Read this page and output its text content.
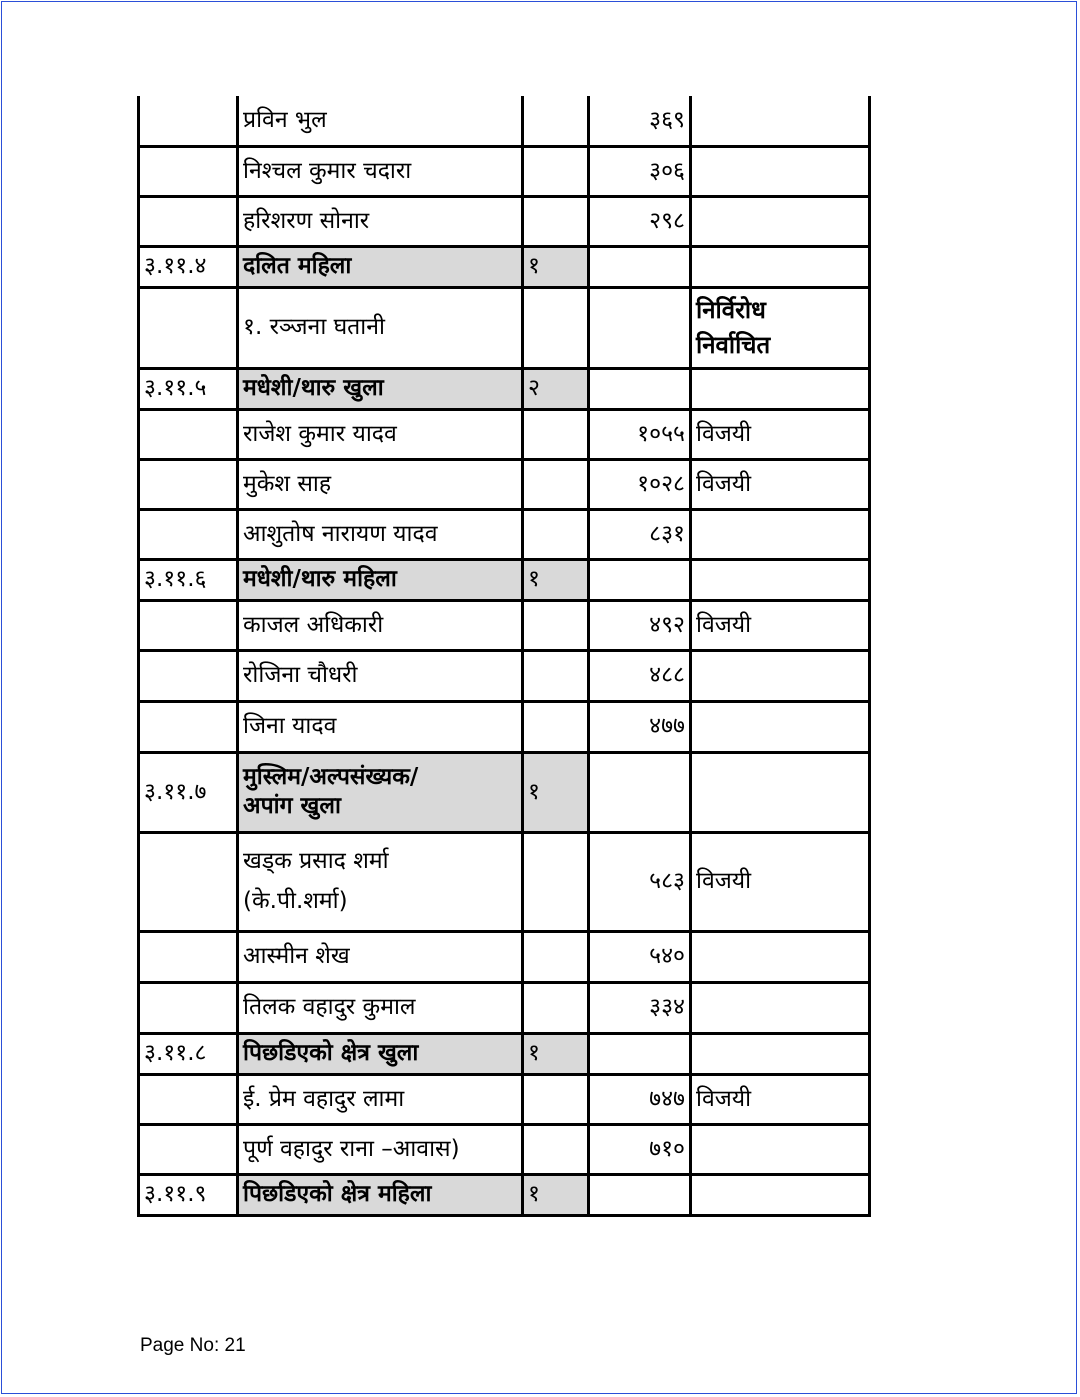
	प्रविन भुल		३६९	
	निश्चल कुमार चदारा		३०६	
	हरिशरण सोनार		२९८	
३.११.४	दलित महिला	१		
	१. रञ्जना घतानी			निर्विरोध
निर्वाचित

३.११.५	मधेशी/थारु खुला	२		
	राजेश कुमार यादव		१०५५	विजयी
	मुकेश साह		१०२८	विजयी
	आशुतोष नारायण यादव		८३१	
३.११.६	मधेशी/थारु महिला	१		
	काजल अधिकारी		४९२	विजयी
	रोजिना चौधरी		४८८	
	जिना यादव		४७७	
३.११.७	मुस्लिम/अल्पसंख्यक/
अपांग खुला	१		

	खड्क प्रसाद शर्मा
(के.पी.शर्मा)		५८३	विजयी
	आस्मीन शेख		५४०	
	तिलक वहादुर कुमाल		३३४	
३.११.८	पिछडिएको क्षेत्र खुला	१		
	ई. प्रेम वहादुर लामा		७४७	विजयी
	पूर्ण वहादुर राना –आवास)		७१०	
३.११.९	पिछडिएको क्षेत्र महिला	१		
Page No: 21
